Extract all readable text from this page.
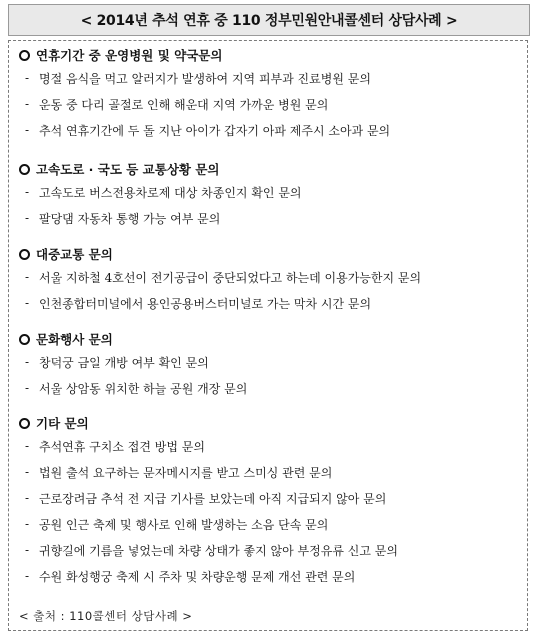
< 2014년 추석 연휴 중 110 정부민원안내콜센터 상담사례 >
연휴기간 중 운영병원 및 약국문의
- 명절 음식을 먹고 알러지가 발생하여 지역 피부과 진료병원 문의
- 운동 중 다리 골절로 인해 해운대 지역 가까운 병원 문의
- 추석 연휴기간에 두 돌 지난 아이가 갑자기 아파 제주시 소아과 문의
고속도로 · 국도 등 교통상황 문의
- 고속도로 버스전용차로제 대상 차종인지 확인 문의
- 팔당댐 자동차 통행 가능 여부 문의
대중교통 문의
- 서울 지하철 4호선이 전기공급이 중단되었다고 하는데 이용가능한지 문의
- 인천종합터미널에서 용인공용버스터미널로 가는 막차 시간 문의
문화행사 문의
- 창덕궁 금일 개방 여부 확인 문의
- 서울 상암동 위치한 하늘 공원 개장 문의
기타 문의
- 추석연휴 구치소 접견 방법 문의
- 법원 출석 요구하는 문자메시지를 받고 스미싱 관련 문의
- 근로장려금 추석 전 지급 기사를 보았는데 아직 지급되지 않아 문의
- 공원 인근 축제 및 행사로 인해 발생하는 소음 단속 문의
- 귀향길에 기름을 넣었는데 차량 상태가 좋지 않아 부정유류 신고 문의
- 수원 화성행궁 축제 시 주차 및 차량운행 문제 개선 관련 문의
< 출처 : 110콜센터 상담사례 >
